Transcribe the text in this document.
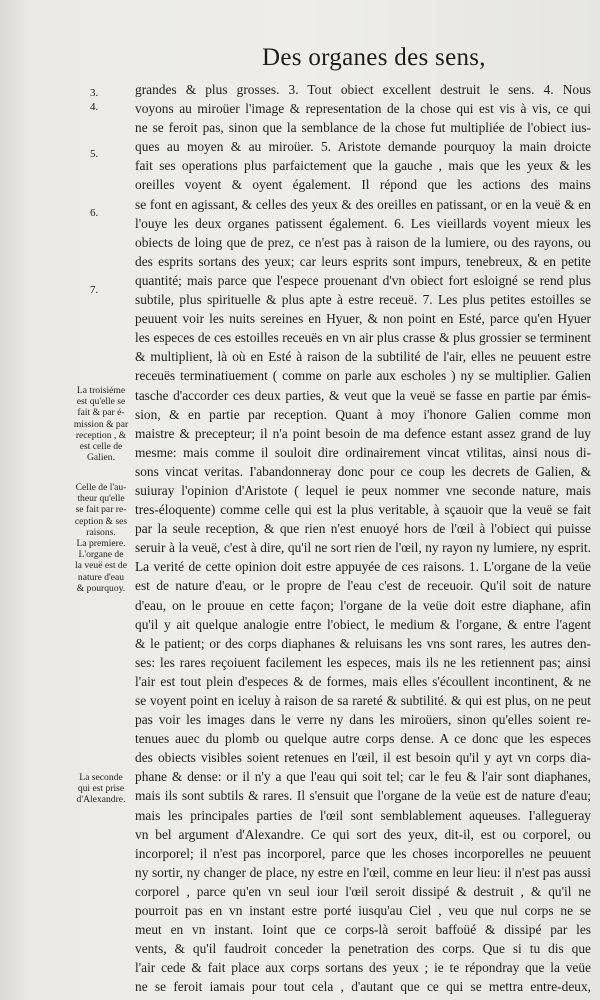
Des organes des sens,
3.
4.
5.
6.
7.
La troisiéme
est qu'elle se
fait & par é-
mission & par
reception , &
est celle de
Galien.
Celle de l'au-
theur qu'elle
se fait par re-
ception & ses
raisons.
La premiere.
L'organe de
la veuë est de
nature d'eau
& pourquoy.
La seconde
qui est prise
d'Alexandre.
grandes & plus grosses. 3. Tout obiect excellent destruit le sens. 4. Nous
voyons au miroüer l'image & representation de la chose qui est vis à vis, ce qui
ne se feroit pas, sinon que la semblance de la chose fut multipliée de l'obiect ius-
ques au moyen & au miroüer. 5. Aristote demande pourquoy la main droicte
fait ses operations plus parfaictement que la gauche , mais que les yeux & les
oreilles voyent & oyent également. Il répond que les actions des mains
se font en agissant, & celles des yeux & des oreilles en patissant, or en la veuë & en
l'ouye les deux organes patissent également. 6. Les vieillards voyent mieux les
obiects de loing que de prez, ce n'est pas à raison de la lumiere, ou des rayons, ou
des esprits sortans des yeux; car leurs esprits sont impurs, tenebreux, & en petite
quantité; mais parce que l'espece prouenant d'vn obiect fort esloigné se rend plus
subtile, plus spirituelle & plus apte à estre receuë. 7. Les plus petites estoilles se
peuuent voir les nuits sereines en Hyuer, & non point en Esté, parce qu'en Hyuer
les especes de ces estoilles receuës en vn air plus crasse & plus grossier se terminent
& multiplient, là où en Esté à raison de la subtilité de l'air, elles ne peuuent estre
receuës terminatiuement ( comme on parle aux escholes ) ny se multiplier. Galien
tasche d'accorder ces deux parties, & veut que la veuë se fasse en partie par émis-
sion, & en partie par reception. Quant à moy i'honore Galien comme mon
maistre & precepteur; il n'a point besoin de ma defence estant assez grand de luy
mesme: mais comme il souloit dire ordinairement vincat vtilitas, ainsi nous di-
sons vincat veritas. I'abandonneray donc pour ce coup les decrets de Galien, &
suiuray l'opinion d'Aristote ( lequel ie peux nommer vne seconde nature, mais
tres-éloquente) comme celle qui est la plus veritable, à sçauoir que la veuë se fait
par la seule reception, & que rien n'est enuoyé hors de l'œil à l'obiect qui puisse
seruir à la veuë, c'est à dire, qu'il ne sort rien de l'œil, ny rayon ny lumiere, ny esprit.
La verité de cette opinion doit estre appuyée de ces raisons. 1. L'organe de la veüe
est de nature d'eau, or le propre de l'eau c'est de receuoir. Qu'il soit de nature
d'eau, on le prouue en cette façon; l'organe de la veüe doit estre diaphane, afin
qu'il y ait quelque analogie entre l'obiect, le medium & l'organe, & entre l'agent
& le patient; or des corps diaphanes & reluisans les vns sont rares, les autres den-
ses: les rares reçoiuent facilement les especes, mais ils ne les retiennent pas; ainsi
l'air est tout plein d'especes & de formes, mais elles s'écoullent incontinent, & ne
se voyent point en iceluy à raison de sa rareté & subtilité. & qui est plus, on ne peut
pas voir les images dans le verre ny dans les miroüers, sinon qu'elles soient re-
tenues auec du plomb ou quelque autre corps dense. A ce donc que les especes
des obiects visibles soient retenues en l'œil, il est besoin qu'il y ayt vn corps dia-
phane & dense: or il n'y a que l'eau qui soit tel; car le feu & l'air sont diaphanes,
mais ils sont subtils & rares. Il s'ensuit que l'organe de la veüe est de nature d'eau;
mais les principales parties de l'œil sont semblablement aqueuses. I'allegueray
vn bel argument d'Alexandre. Ce qui sort des yeux, dit-il, est ou corporel, ou
incorporel; il n'est pas incorporel, parce que les choses incorporelles ne peuuent
ny sortir, ny changer de place, ny estre en l'œil, comme en leur lieu: il n'est pas aussi
corporel , parce qu'en vn seul iour l'œil seroit dissipé & destruit , & qu'il ne
pourroit pas en vn instant estre porté iusqu'au Ciel , veu que nul corps ne se
meut en vn instant. Ioint que ce corps-là seroit baffoüé & dissipé par les
vents, & qu'il faudroit conceder la penetration des corps. Que si tu dis que
l'air cede & fait place aux corps sortans des yeux ; ie te répondray que la veüe
ne se feroit iamais pour tout cela , d'autant que ce qui se mettra entre-deux,
